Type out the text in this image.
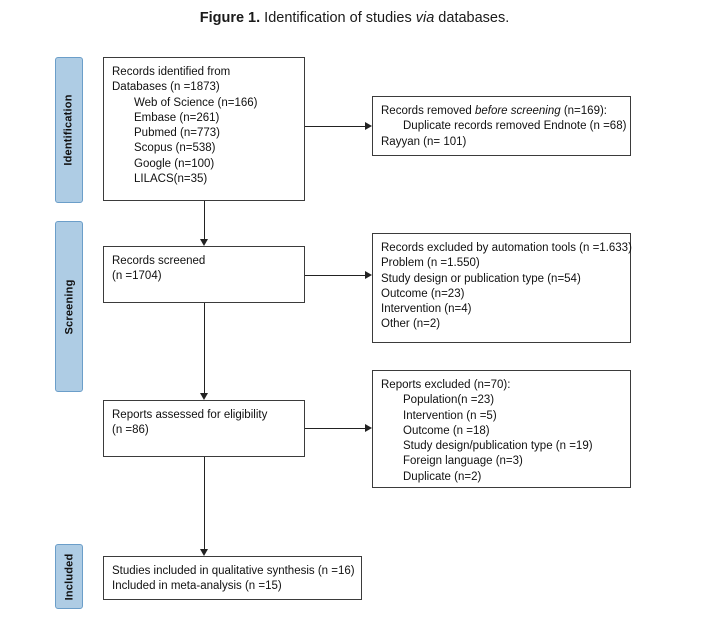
Figure 1. Identification of studies via databases.
Identification
Screening
Included
Records identified from
Databases (n =1873)
Web of Science (n=166)
Embase (n=261)
Pubmed (n=773)
Scopus (n=538)
Google (n=100)
LILACS(n=35)
Records removed before screening (n=169):
Duplicate records removed Endnote (n =68)
Rayyan (n= 101)
Records screened
(n =1704)
Records excluded by automation tools (n =1.633)
Problem (n =1.550)
Study design or publication type (n=54)
Outcome (n=23)
Intervention (n=4)
Other (n=2)
Reports assessed for eligibility
(n =86)
Reports excluded (n=70):
Population(n =23)
Intervention (n =5)
Outcome (n =18)
Study design/publication type (n =19)
Foreign language (n=3)
Duplicate (n=2)
Studies included in qualitative synthesis (n =16)
Included in meta-analysis (n =15)
